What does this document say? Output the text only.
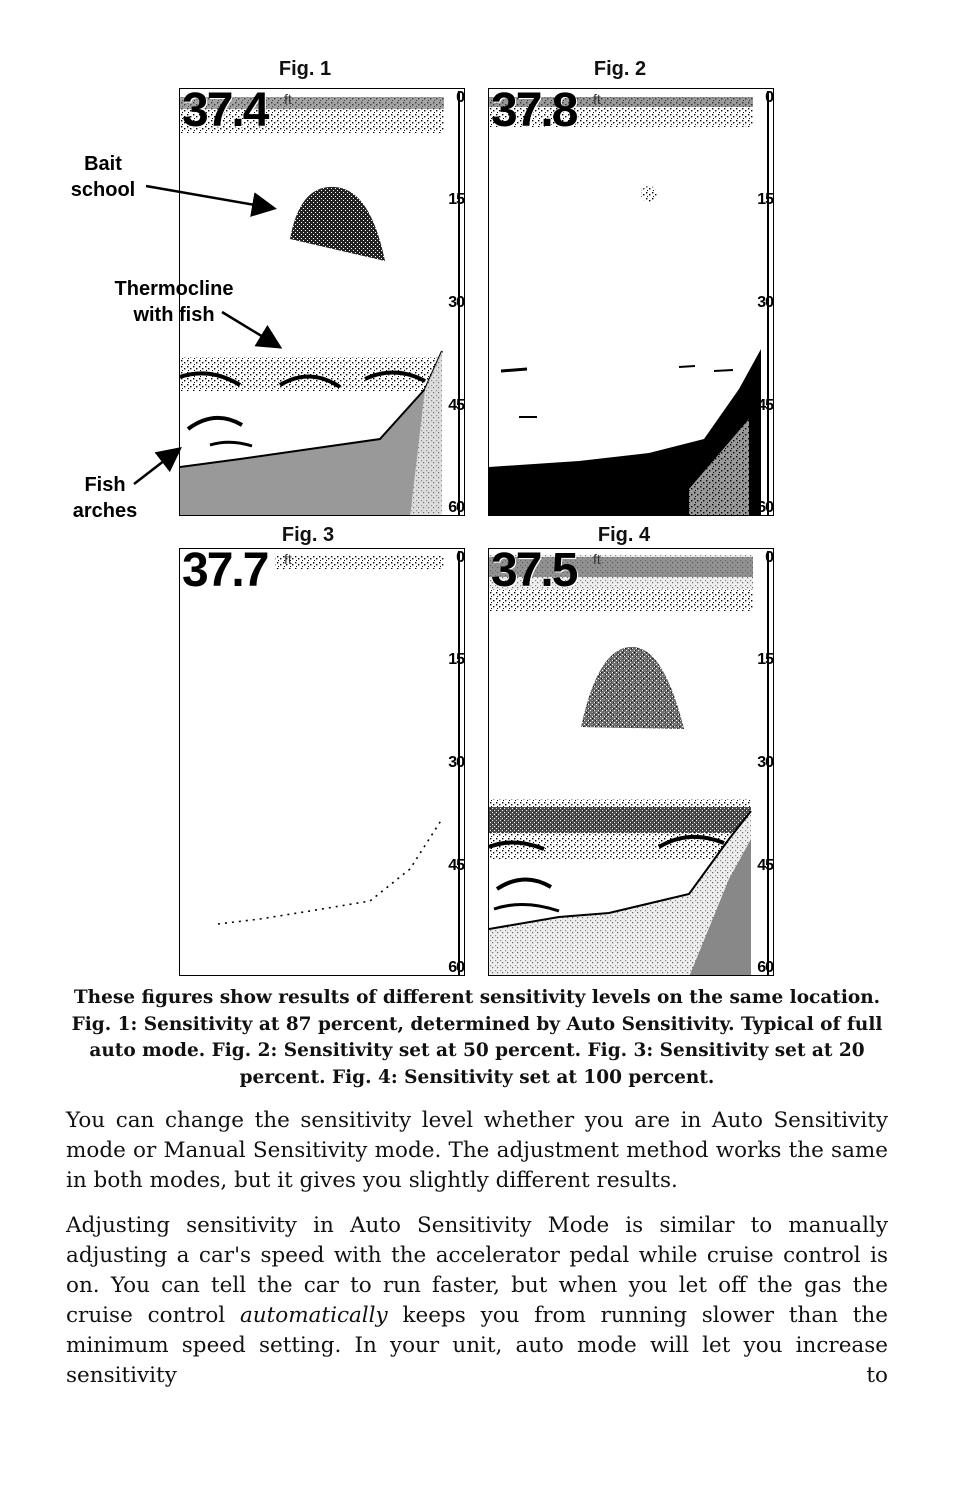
Fig. 1	Fig. 2
Fig. 3	Fig. 4
37.4 ft	0
15
30
45
60
37.8 ft	0
15
30
45
60
37.7 ft	0
15
30
45
60
37.5 ft	0
15
30
45
60
Bait
school
Thermocline
with fish
Fish
arches
These figures show results of different sensitivity levels on the same location. Fig. 1: Sensitivity at 87 percent, determined by Auto Sensitivity. Typical of full auto mode. Fig. 2: Sensitivity set at 50 percent. Fig. 3: Sensitivity set at 20 percent. Fig. 4: Sensitivity set at 100 percent.
You can change the sensitivity level whether you are in Auto Sensitivity mode or Manual Sensitivity mode. The adjustment method works the same in both modes, but it gives you slightly different results.
Adjusting sensitivity in Auto Sensitivity Mode is similar to manually adjusting a car's speed with the accelerator pedal while cruise control is on. You can tell the car to run faster, but when you let off the gas the cruise control automatically keeps you from running slower than the minimum speed setting. In your unit, auto mode will let you increase sensitivity to
